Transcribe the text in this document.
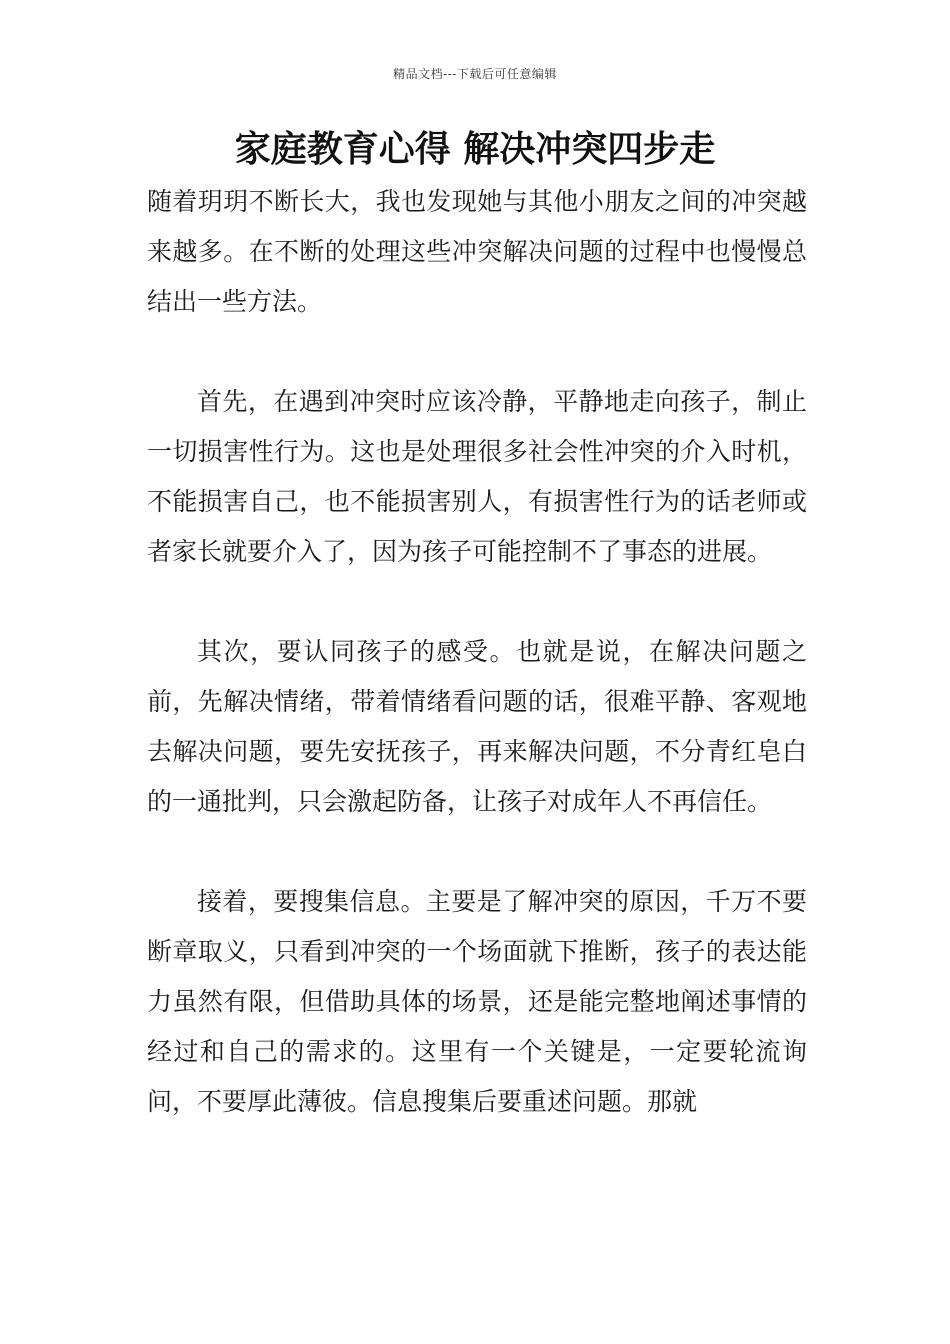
精品文档---下载后可任意编辑
家庭教育心得 解决冲突四步走

随着玥玥不断长大，我也发现她与其他小朋友之间的冲突越来越多。在不断的处理这些冲突解决问题的过程中也慢慢总结出一些方法。

首先，在遇到冲突时应该冷静，平静地走向孩子，制止一切损害性行为。这也是处理很多社会性冲突的介入时机，不能损害自己，也不能损害别人，有损害性行为的话老师或者家长就要介入了，因为孩子可能控制不了事态的进展。

其次，要认同孩子的感受。也就是说，在解决问题之前，先解决情绪，带着情绪看问题的话，很难平静、客观地去解决问题，要先安抚孩子，再来解决问题，不分青红皂白的一通批判，只会激起防备，让孩子对成年人不再信任。

接着，要搜集信息。主要是了解冲突的原因，千万不要断章取义，只看到冲突的一个场面就下推断，孩子的表达能力虽然有限，但借助具体的场景，还是能完整地阐述事情的经过和自己的需求的。这里有一个关键是，一定要轮流询问，不要厚此薄彼。信息搜集后要重述问题。那就
